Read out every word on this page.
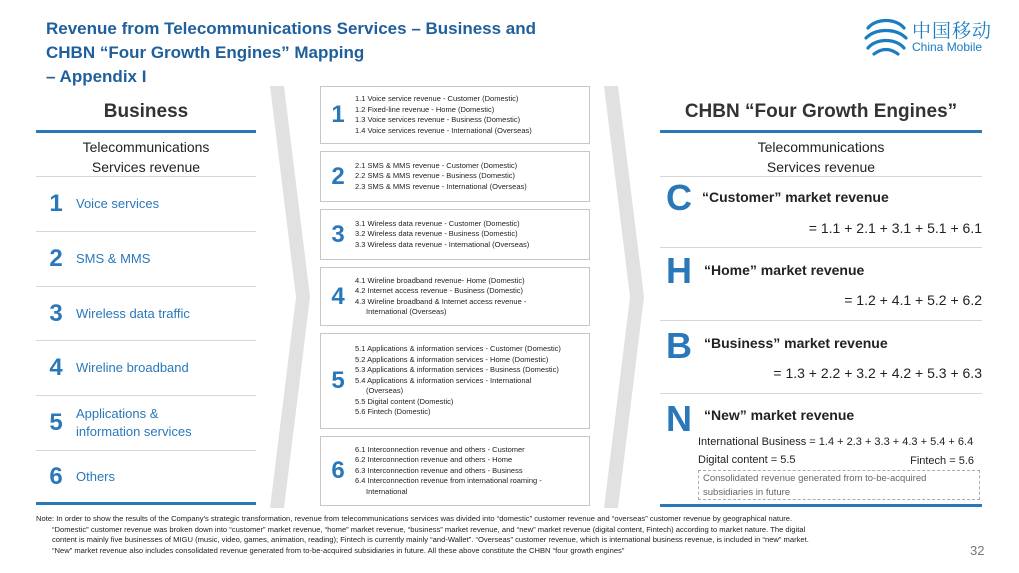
Revenue from Telecommunications Services – Business and
CHBN “Four Growth Engines” Mapping
– Appendix I
中国移动
China Mobile
Business
Telecommunications
Services revenue
1	Voice services
2	SMS & MMS
3	Wireless data traffic
4	Wireline broadband
5	Applications &
information services
6	Others
1
1.1 Voice service revenue - Customer (Domestic)
1.2 Fixed-line revenue - Home (Domestic)
1.3 Voice services revenue - Business (Domestic)
1.4 Voice services revenue - International (Overseas)
2	2.1 SMS & MMS revenue - Customer (Domestic)
2.2 SMS & MMS revenue - Business (Domestic)
2.3 SMS & MMS revenue - International (Overseas)
3	3.1 Wireless data revenue - Customer (Domestic)
3.2 Wireless data revenue - Business (Domestic)
3.3 Wireless data revenue - International (Overseas)
4
4.1 Wireline broadband revenue- Home (Domestic)
4.2 Internet access revenue - Business (Domestic)
4.3 Wireline broadband & Internet access revenue -
International (Overseas)
5
5.1 Applications & information services - Customer (Domestic)
5.2 Applications & information services - Home (Domestic)
5.3 Applications & information services - Business (Domestic)
5.4 Applications & information services - International
(Overseas)
5.5 Digital content (Domestic)
5.6 Fintech (Domestic)
6
6.1 Interconnection revenue and others - Customer
6.2 Interconnection revenue and others - Home
6.3 Interconnection revenue and others - Business
6.4 Interconnection revenue from international roaming -
International
CHBN “Four Growth Engines”
Telecommunications
Services revenue
C “Customer” market revenue
= 1.1 + 2.1 + 3.1 + 5.1 + 6.1
H “Home” market revenue
= 1.2 + 4.1 + 5.2 + 6.2
B “Business” market revenue
= 1.3 + 2.2 + 3.2 + 4.2 + 5.3 + 6.3
N “New” market revenue
International Business = 1.4 + 2.3 + 3.3 + 4.3 + 5.4 + 6.4
Digital content = 5.5	Fintech = 5.6
Consolidated revenue generated from to-be-acquired
subsidiaries in future
Note: In order to show the results of the Company's strategic transformation, revenue from telecommunications services was divided into “domestic” customer revenue and “overseas” customer revenue by geographical nature.
“Domestic” customer revenue was broken down into “customer” market revenue, “home” market revenue, “business” market revenue, and “new” market revenue (digital content, Fintech) according to market nature. The digital
content is mainly five businesses of MIGU (music, video, games, animation, reading); Fintech is currently mainly “and-Wallet”. “Overseas” customer revenue, which is international business revenue, is included in “new” market.
“New” market revenue also includes consolidated revenue generated from to-be-acquired subsidiaries in future. All these above constitute the CHBN “four growth engines”	32
